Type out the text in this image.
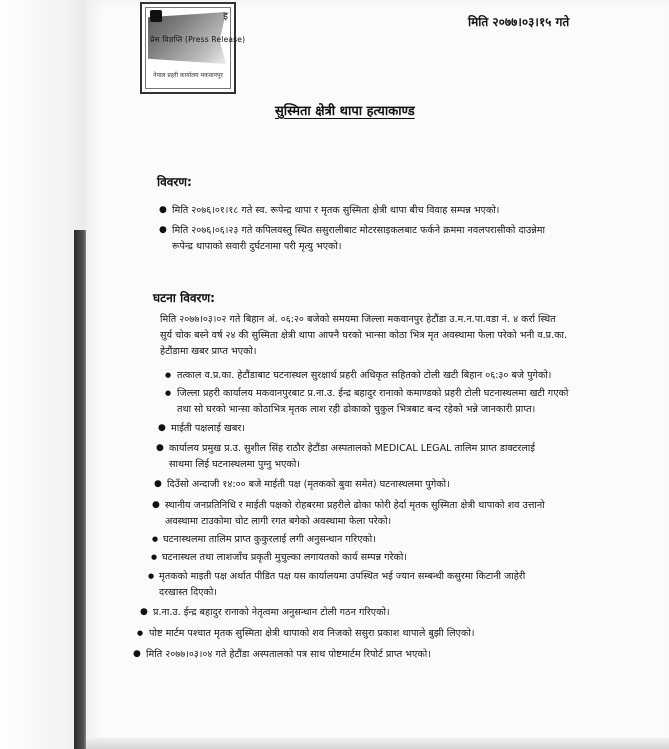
इ
प्रेस विज्ञप्ति (Press Release)
नेपाल प्रहरी कार्यालय मकवानपुर
मिति २०७७।०३।१५ गते
सुस्मिता क्षेत्री थापा हत्याकाण्ड
विवरण:
●
मिति २०७६।०१।१८ गते स्व. रूपेन्द्र थापा र मृतक सुस्मिता क्षेत्री थापा बीच विवाह सम्पन्न भएको।
●
मिति २०७६।०६।२३ गते कपिलवस्तु स्थित ससुरालीबाट मोटरसाइकलबाट फर्कने क्रममा नवलपरासीको दाउन्नेमा
रूपेन्द्र थापाको सवारी दुर्घटनामा परी मृत्यु भएको।
घटना विवरण:
मिति २०७७।०३।०२ गते बिहान अं. ०६:२० बजेको समयमा जिल्ला मकवानपुर हेटौंडा उ.म.न.पा.वडा नं. ४ कर्रा स्थित
सुर्य चोक बस्ने वर्ष २४ की सुस्मिता क्षेत्री थापा आफ्नै घरको भान्सा कोठा भित्र मृत अवस्थामा फेला परेको भनी व.प्र.का.
हेटौंडामा खबर प्राप्त भएको।
●
तत्काल व.प्र.का. हेटौंडाबाट घटनास्थल सुरक्षार्थ प्रहरी अधिकृत सहितको टोली खटी बिहान ०६:३० बजे पुगेको।
●
जिल्ला प्रहरी कार्यालय मकवानपुरबाट प्र.ना.उ. ईन्द्र बहादुर रानाको कमाण्डको प्रहरी टोली घटनास्थलमा खटी गएको
तथा सो घरको भान्सा कोठाभित्र मृतक लाश रही ढोकाको चुकुल भित्रबाट बन्द रहेको भन्ने जानकारी प्राप्त।
●
माईती पक्षलाई खबर।
●
कार्यालय प्रमुख प्र.उ. सुशील सिंह राठौर हेटौंडा अस्पतालको MEDICAL LEGAL तालिम प्राप्त डाक्टरलाई
साथमा लिई घटनास्थलमा पुग्नु भएको।
●
दिउँसो अन्दाजी १४:०० बजे माईती पक्ष (मृतकको बुवा समेत) घटनास्थलमा पुगेको।
●
स्थानीय जनप्रतिनिधि र माईती पक्षको रोहबरमा प्रहरीले ढोका फोरी हेर्दा मृतक सुस्मिता क्षेत्री थापाको शव उत्तानो
अवस्थामा टाउकोमा चोट लागी रगत बगेको अवस्थामा फेला परेको।
●
घटनास्थलमा तालिम प्राप्त कुकुरलाई लगी अनुसन्धान गरिएको।
●
घटनास्थल तथा लाशजाँच प्रकृती मुचुल्का लगायतको कार्य सम्पन्न गरेको।
●
मृतकको माइती पक्ष अर्थात पीडित पक्ष यस कार्यालयमा उपस्थित भई ज्यान सम्बन्धी कसुरमा किटानी जाहेरी
दरखास्त दिएको।
●
प्र.ना.उ. ईन्द्र बहादुर रानाको नेतृत्वमा अनुसन्धान टोली गठन गरिएको।
●
पोष्ट मार्टम पश्चात मृतक सुस्मिता क्षेत्री थापाको शव निजको ससुरा प्रकाश थापाले बुझी लिएको।
●
मिति २०७७।०३।०४ गते हेटौंडा अस्पतालको पत्र साथ पोष्टमार्टम रिपोर्ट प्राप्त भएको।
